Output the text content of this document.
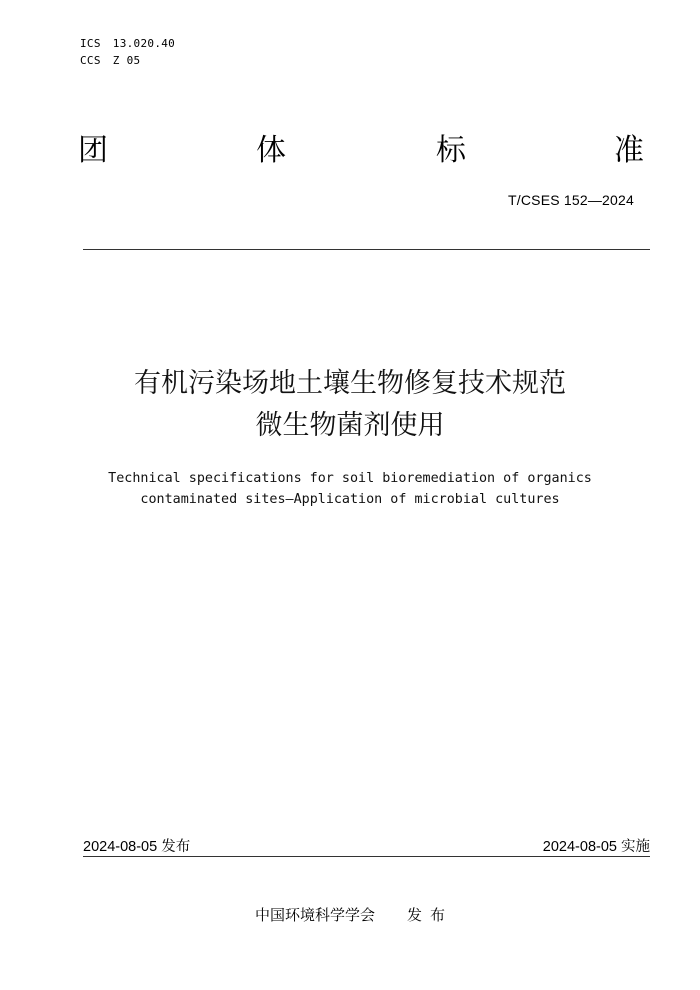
ICS 13.020.40
CCS Z 05
团	体	标	准
T/CSES 152—2024
有机污染场地土壤生物修复技术规范
微生物菌剂使用
Technical specifications for soil bioremediation of organics
contaminated sites—Application of microbial cultures
2024-08-05 发布	2024-08-05 实施
中国环境科学学会 发布
